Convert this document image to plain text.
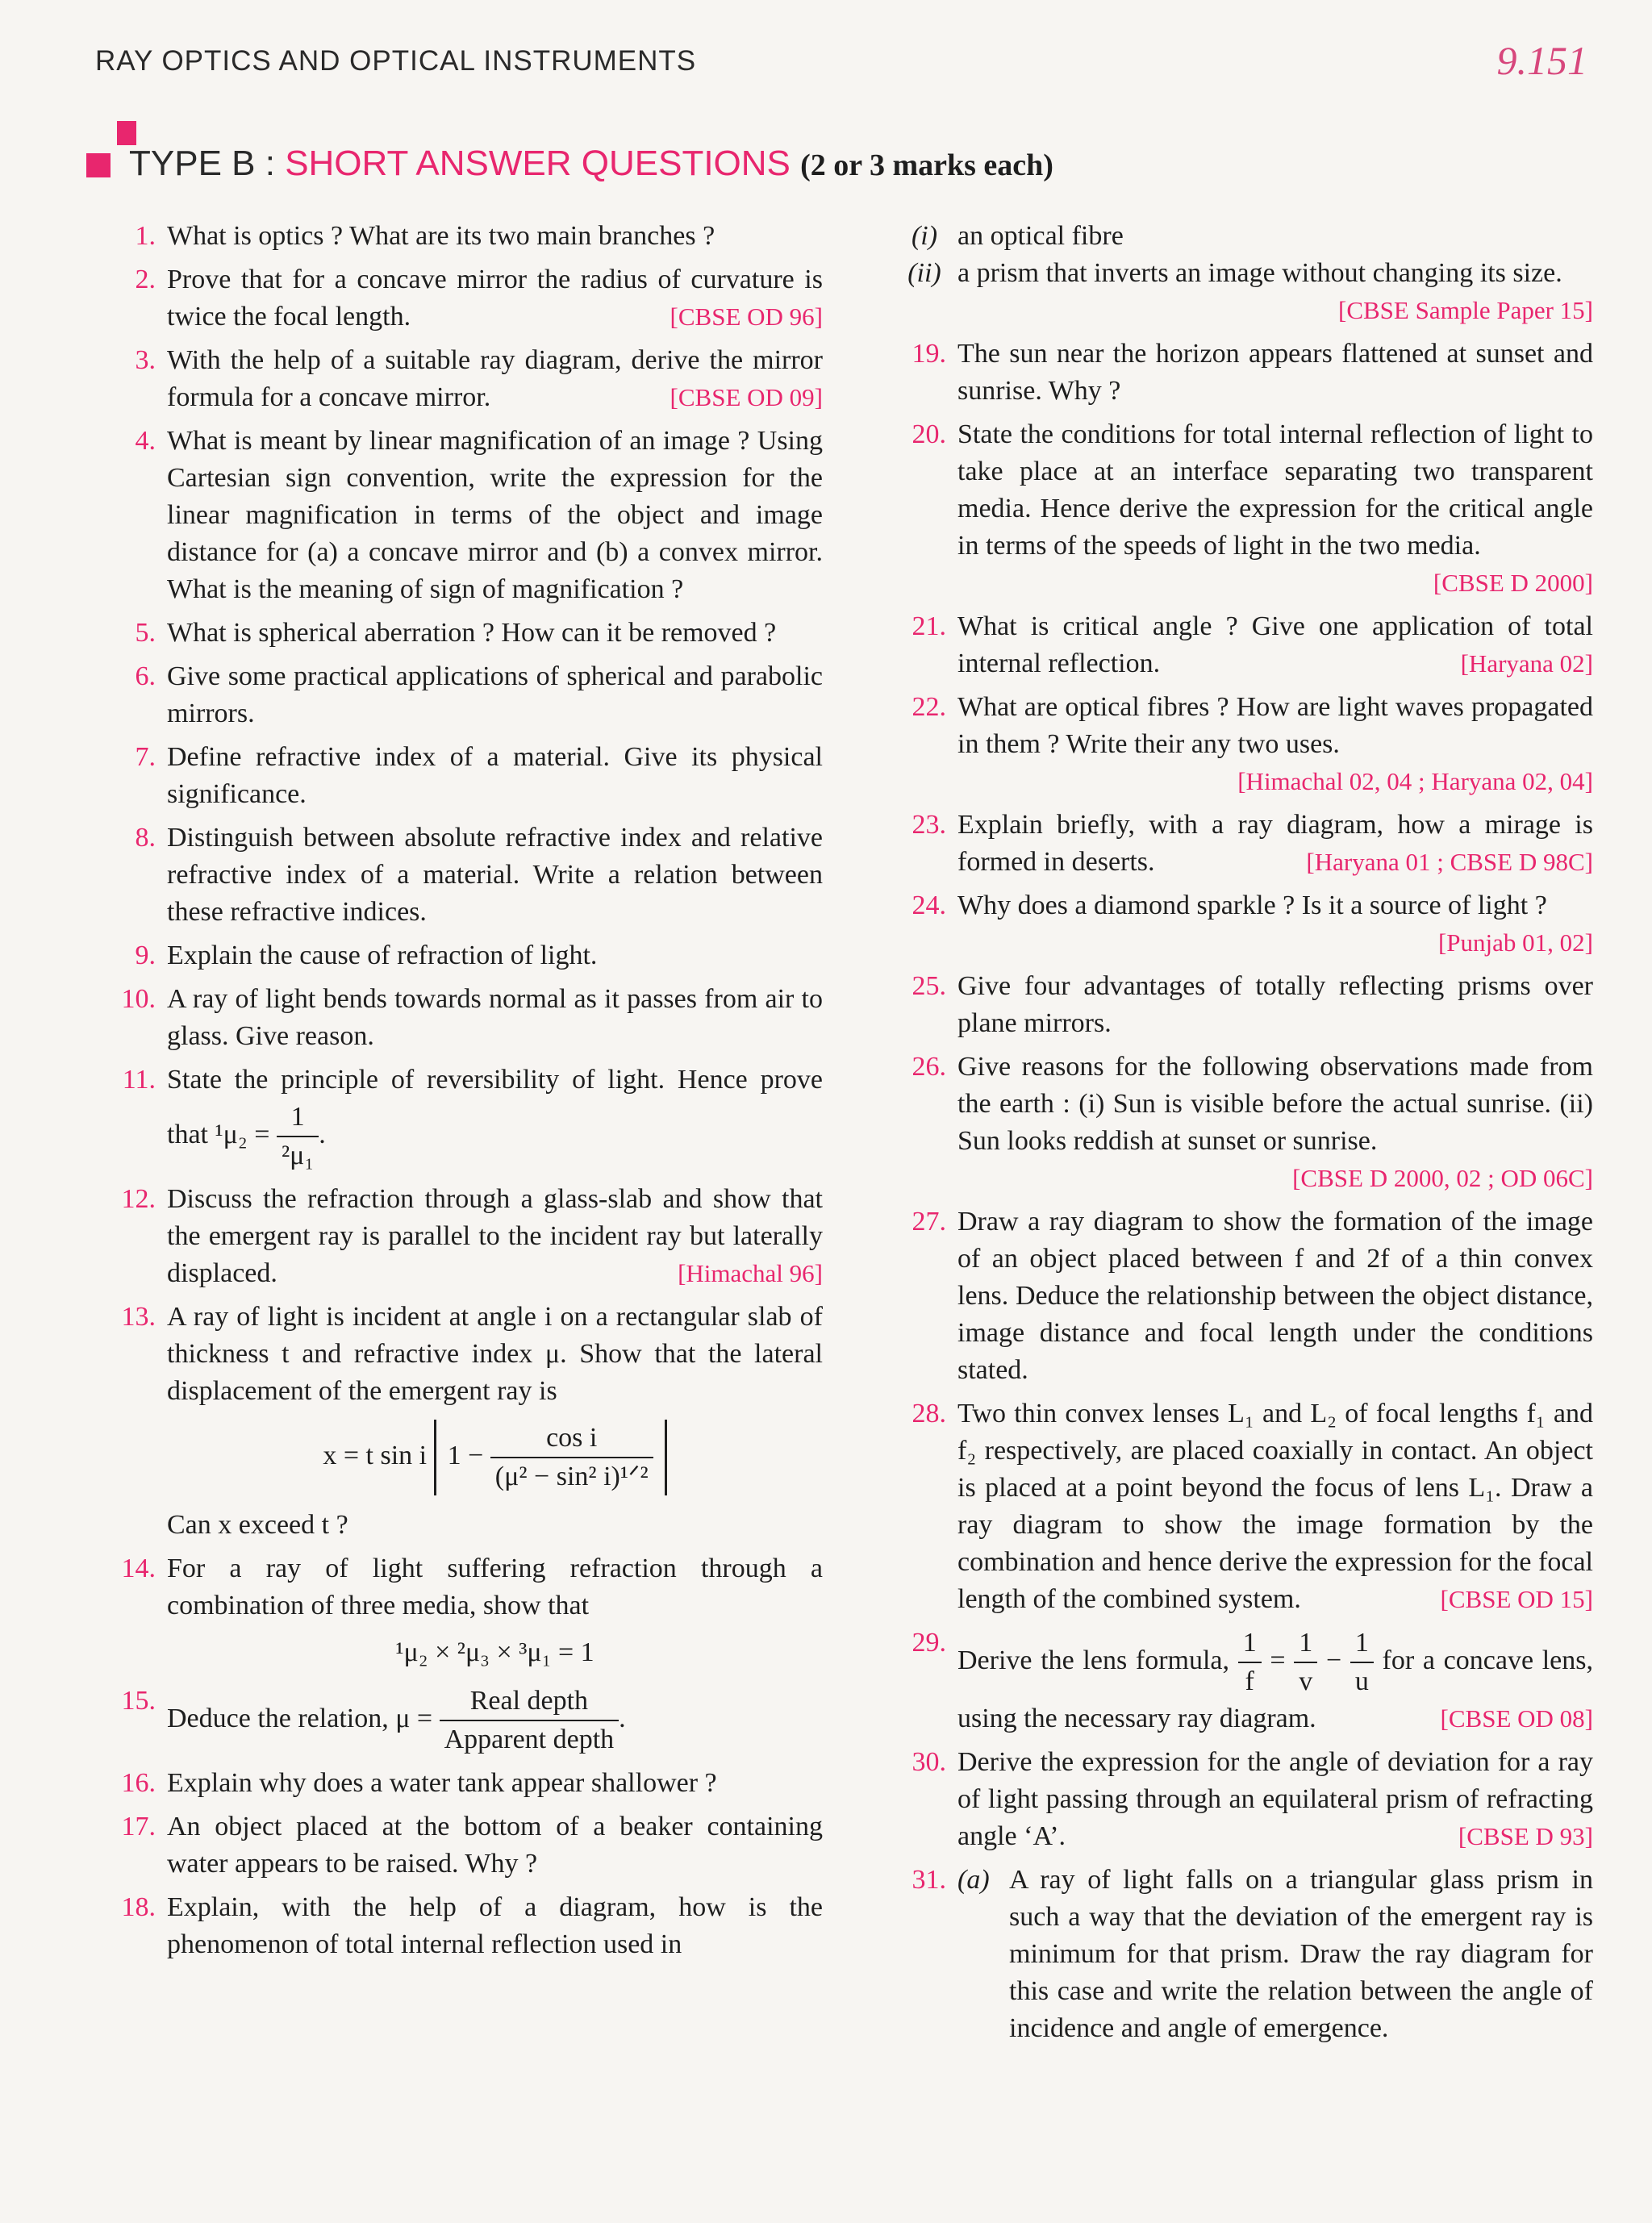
RAY OPTICS AND OPTICAL INSTRUMENTS	9.151
TYPE B : SHORT ANSWER QUESTIONS (2 or 3 marks each)
1. What is optics ? What are its two main branches ?
2. Prove that for a concave mirror the radius of curvature is twice the focal length.	[CBSE OD 96]
3. With the help of a suitable ray diagram, derive the mirror formula for a concave mirror.	[CBSE OD 09]
4. What is meant by linear magnification of an image ? Using Cartesian sign convention, write the expression for the linear magnification in terms of the object and image distance for (a) a concave mirror and (b) a convex mirror. What is the meaning of sign of magnification ?
5. What is spherical aberration ? How can it be removed ?
6. Give some practical applications of spherical and parabolic mirrors.
7. Define refractive index of a material. Give its physical significance.
8. Distinguish between absolute refractive index and relative refractive index of a material. Write a relation between these refractive indices.
9. Explain the cause of refraction of light.
10. A ray of light bends towards normal as it passes from air to glass. Give reason.
11. State the principle of reversibility of light. Hence prove that $^1\mu_2 = \frac{1}{\text{²μ₁}}$ .
12. Discuss the refraction through a glass-slab and show that the emergent ray is parallel to the incident ray but laterally displaced.	[Himachal 96]
13. A ray of light is incident at angle i on a rectangular slab of thickness t and refractive index μ. Show that the lateral displacement of the emergent ray is
x = t sin i $1 - \frac{\text{cos i}}{\text{(μ² − sin² i)¹ᐟ²}}$
Can x exceed t ?
14. For a ray of light suffering refraction through a combination of three media, show that
¹μ₂ × ²μ₃ × ³μ₁ = 1
15.
Deduce the relation, $\mu = \frac{\text{Real depth}}{\text{Apparent depth}}$ .
16. Explain why does a water tank appear shallower ?
17. An object placed at the bottom of a beaker containing water appears to be raised. Why ?
18. Explain, with the help of a diagram, how is the phenomenon of total internal reflection used in
(i) an optical fibre
(ii) a prism that inverts an image without changing its size.
[CBSE Sample Paper 15]
19. The sun near the horizon appears flattened at sunset and sunrise. Why ?
20. State the conditions for total internal reflection of light to take place at an interface separating two transparent media. Hence derive the expression for the critical angle in terms of the speeds of light in the two media.
[CBSE D 2000]
21. What is critical angle ? Give one application of total internal reflection.	[Haryana 02]
22. What are optical fibres ? How are light waves propagated in them ? Write their any two uses.
[Himachal 02, 04 ; Haryana 02, 04]
23. Explain briefly, with a ray diagram, how a mirage is formed in deserts.	[Haryana 01 ; CBSE D 98C]
24. Why does a diamond sparkle ? Is it a source of light ?
[Punjab 01, 02]
25. Give four advantages of totally reflecting prisms over plane mirrors.
26. Give reasons for the following observations made from the earth : (i) Sun is visible before the actual sunrise. (ii) Sun looks reddish at sunset or sunrise.
[CBSE D 2000, 02 ; OD 06C]
27. Draw a ray diagram to show the formation of the image of an object placed between f and 2f of a thin convex lens. Deduce the relationship between the object distance, image distance and focal length under the conditions stated.
28. Two thin convex lenses L₁ and L₂ of focal lengths f₁ and f₂ respectively, are placed coaxially in contact. An object is placed at a point beyond the focus of lens L₁. Draw a ray diagram to show the image formation by the combination and hence derive the expression for the focal length of the combined system.	[CBSE OD 15]
29.
Derive the lens formula, $\frac{1}{f} = \frac{1}{v} - \frac{1}{u}$ for a concave lens, using the necessary ray diagram.	[CBSE OD 08]
30. Derive the expression for the angle of deviation for a ray of light passing through an equilateral prism of refracting angle ‘A’.	[CBSE D 93]
31. (a) A ray of light falls on a triangular glass prism in such a way that the deviation of the emergent ray is minimum for that prism. Draw the ray diagram for this case and write the relation between the angle of incidence and angle of emergence.
